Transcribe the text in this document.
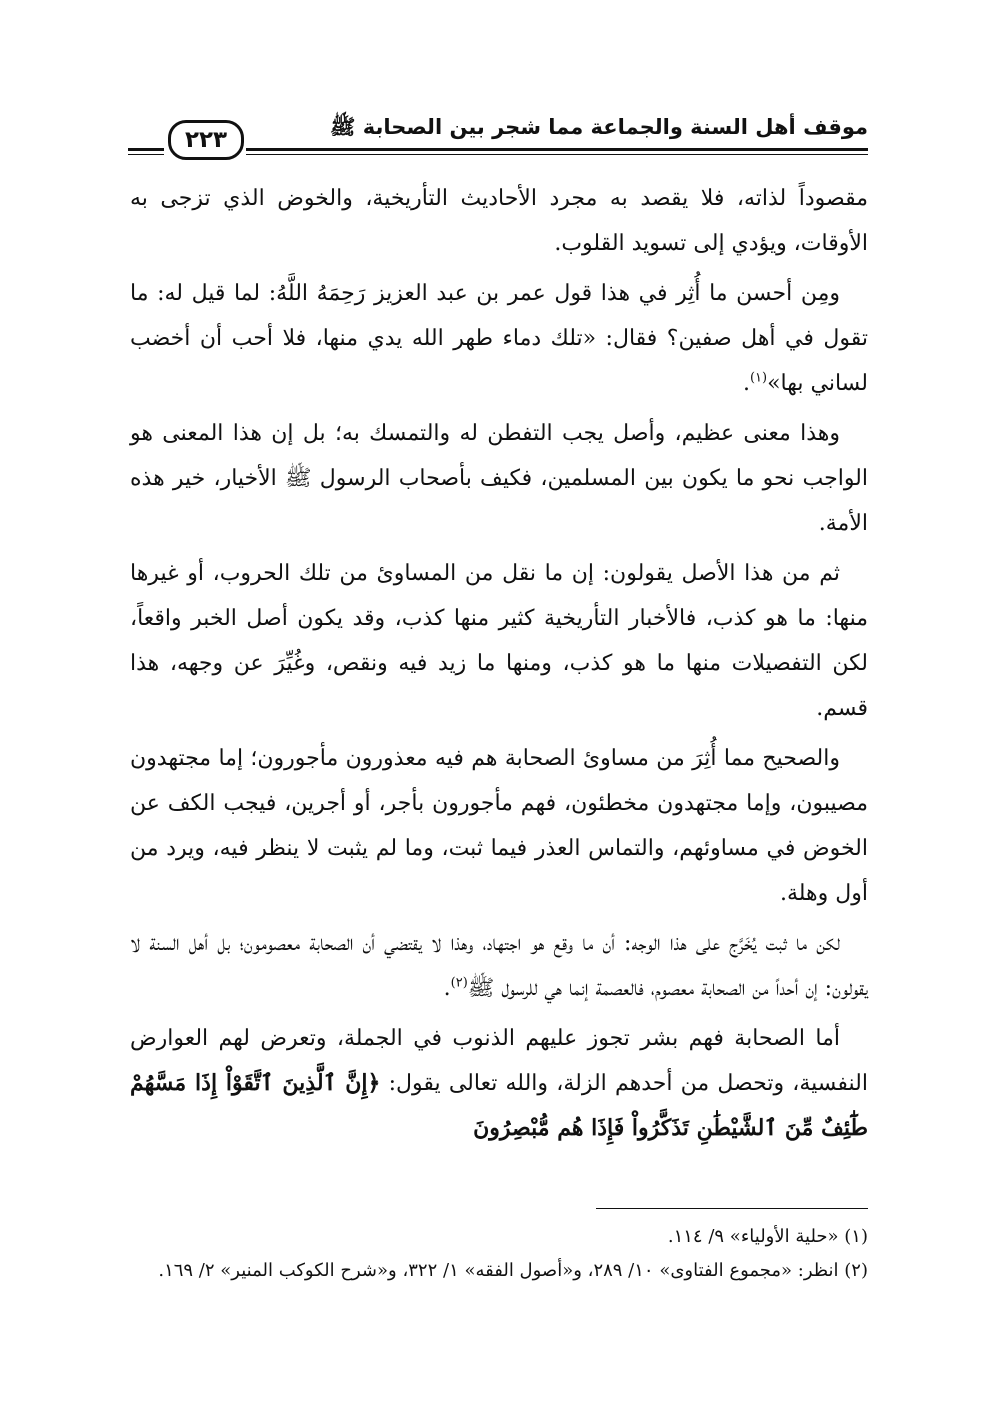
موقف أهل السنة والجماعة مما شجر بين الصحابة ﷺ
٢٢٣

مقصوداً لذاته، فلا يقصد به مجرد الأحاديث التأريخية، والخوض الذي تزجى به الأوقات، ويؤدي إلى تسويد القلوب.

ومِن أحسن ما أُثِر في هذا قول عمر بن عبد العزيز رَحِمَهُ اللَّهُ: لما قيل له: ما تقول في أهل صفين؟ فقال: «تلك دماء طهر الله يدي منها، فلا أحب أن أخضب لساني بها»$^{(١)}$.

وهذا معنى عظيم، وأصل يجب التفطن له والتمسك به؛ بل إن هذا المعنى هو الواجب نحو ما يكون بين المسلمين، فكيف بأصحاب الرسول ﷺ الأخيار، خير هذه الأمة.

ثم من هذا الأصل يقولون: إن ما نقل من المساوئ من تلك الحروب، أو غيرها منها: ما هو كذب، فالأخبار التأريخية كثير منها كذب، وقد يكون أصل الخبر واقعاً، لكن التفصيلات منها ما هو كذب، ومنها ما زيد فيه ونقص، وغُيِّرَ عن وجهه، هذا قسم.

والصحيح مما أُثِرَ من مساوئ الصحابة هم فيه معذورون مأجورون؛ إما مجتهدون مصيبون، وإما مجتهدون مخطئون، فهم مأجورون بأجر، أو أجرين، فيجب الكف عن الخوض في مساوئهم، والتماس العذر فيما ثبت، وما لم يثبت لا ينظر فيه، ويرد من أول وهلة.

لكن ما ثبت يُخَرَّج على هذا الوجه: أن ما وقع هو اجتهاد، وهذا لا يقتضي أن الصحابة معصومون؛ بل أهل السنة لا يقولون: إن أحداً من الصحابة معصوم، فالعصمة إنما هي للرسول ﷺ$^{(٢)}$.

أما الصحابة فهم بشر تجوز عليهم الذنوب في الجملة، وتعرض لهم العوارض النفسية، وتحصل من أحدهم الزلة، والله تعالى يقول: ﴿إِنَّ ٱلَّذِينَ ٱتَّقَوْاْ إِذَا مَسَّهُمْ طَٰٓئِفٌ مِّنَ ٱلشَّيْطَٰنِ تَذَكَّرُواْ فَإِذَا هُم مُّبْصِرُونَ

(١) «حلية الأولياء» ٩/ ١١٤.
(٢) انظر: «مجموع الفتاوى» ١٠/ ٢٨٩، و«أصول الفقه» ١/ ٣٢٢، و«شرح الكوكب المنير» ٢/ ١٦٩.
